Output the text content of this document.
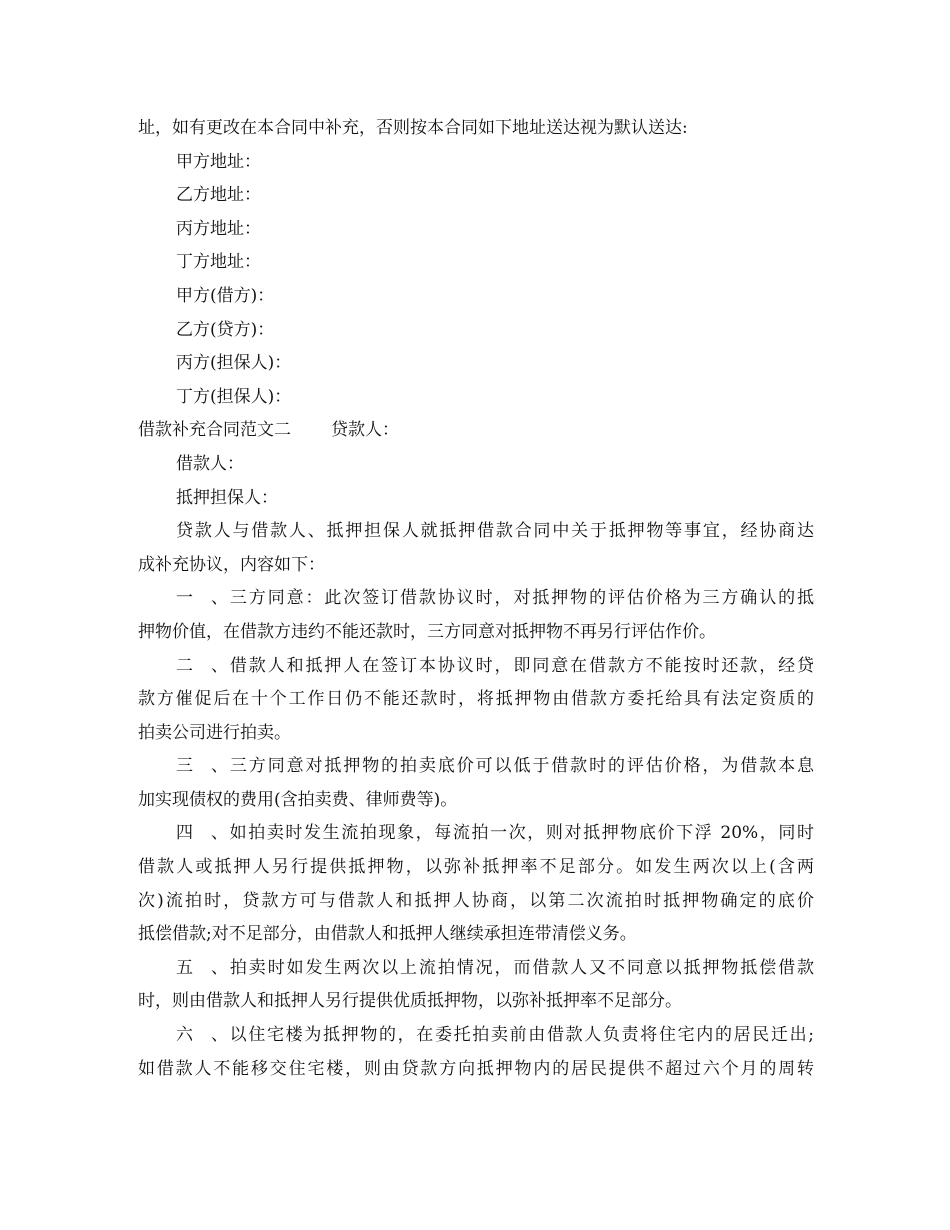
址，如有更改在本合同中补充，否则按本合同如下地址送达视为默认送达:

甲方地址：

乙方地址：

丙方地址：

丁方地址：

甲方(借方)：

乙方(贷方)：

丙方(担保人)：

丁方(担保人)：

借款补充合同范文二 贷款人：

借款人：

抵押担保人：

贷款人与借款人、抵押担保人就抵押借款合同中关于抵押物等事宜，经协商达

成补充协议，内容如下：

一、三方同意：此次签订借款协议时，对抵押物的评估价格为三方确认的抵

押物价值，在借款方违约不能还款时，三方同意对抵押物不再另行评估作价。

二、借款人和抵押人在签订本协议时，即同意在借款方不能按时还款，经贷

款方催促后在十个工作日仍不能还款时，将抵押物由借款方委托给具有法定资质的

拍卖公司进行拍卖。

三、三方同意对抵押物的拍卖底价可以低于借款时的评估价格，为借款本息

加实现债权的费用(含拍卖费、律师费等)。

四、如拍卖时发生流拍现象，每流拍一次，则对抵押物底价下浮 20%，同时

借款人或抵押人另行提供抵押物，以弥补抵押率不足部分。如发生两次以上(含两

次)流拍时，贷款方可与借款人和抵押人协商，以第二次流拍时抵押物确定的底价

抵偿借款;对不足部分，由借款人和抵押人继续承担连带清偿义务。

五、拍卖时如发生两次以上流拍情况，而借款人又不同意以抵押物抵偿借款

时，则由借款人和抵押人另行提供优质抵押物，以弥补抵押率不足部分。

六、以住宅楼为抵押物的，在委托拍卖前由借款人负责将住宅内的居民迁出;

如借款人不能移交住宅楼，则由贷款方向抵押物内的居民提供不超过六个月的周转
